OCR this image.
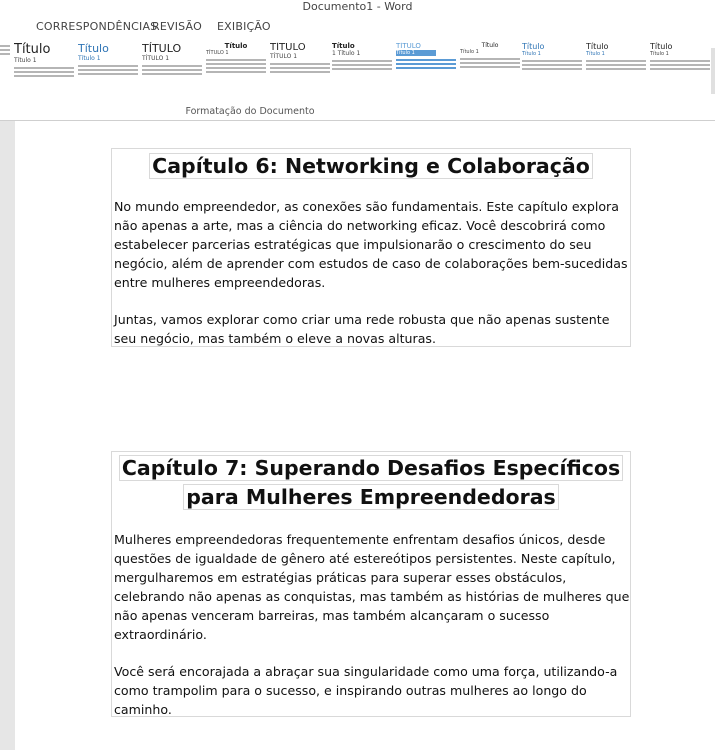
Documento1 - Word
CORRESPONDÊNCIAS
REVISÃO EXIBIÇÃO
Título
Título 1
Título
Título 1
TÍTULO
TÍTULO 1
Título
TÍTULO 1	TÍTULO
TÍTULO 1
Título
1 Título 1
TÍTULO
Título 1
Título
Título 1
Título
Título 1
Título
Título 1
Título
Título 1
Formatação do Documento
Capítulo 6: Networking e Colaboração

No mundo empreendedor, as conexões são fundamentais. Este capítulo explora não apenas a arte, mas a ciência do networking eficaz. Você descobrirá como estabelecer parcerias estratégicas que impulsionarão o crescimento do seu negócio, além de aprender com estudos de caso de colaborações bem-sucedidas entre mulheres empreendedoras.

Juntas, vamos explorar como criar uma rede robusta que não apenas sustente seu negócio, mas também o eleve a novas alturas.

Capítulo 7: Superando Desafios Específicos
para Mulheres Empreendedoras

Mulheres empreendedoras frequentemente enfrentam desafios únicos, desde questões de igualdade de gênero até estereótipos persistentes. Neste capítulo, mergulharemos em estratégias práticas para superar esses obstáculos, celebrando não apenas as conquistas, mas também as histórias de mulheres que não apenas venceram barreiras, mas também alcançaram o sucesso extraordinário.

Você será encorajada a abraçar sua singularidade como uma força, utilizando-a como trampolim para o sucesso, e inspirando outras mulheres ao longo do caminho.
